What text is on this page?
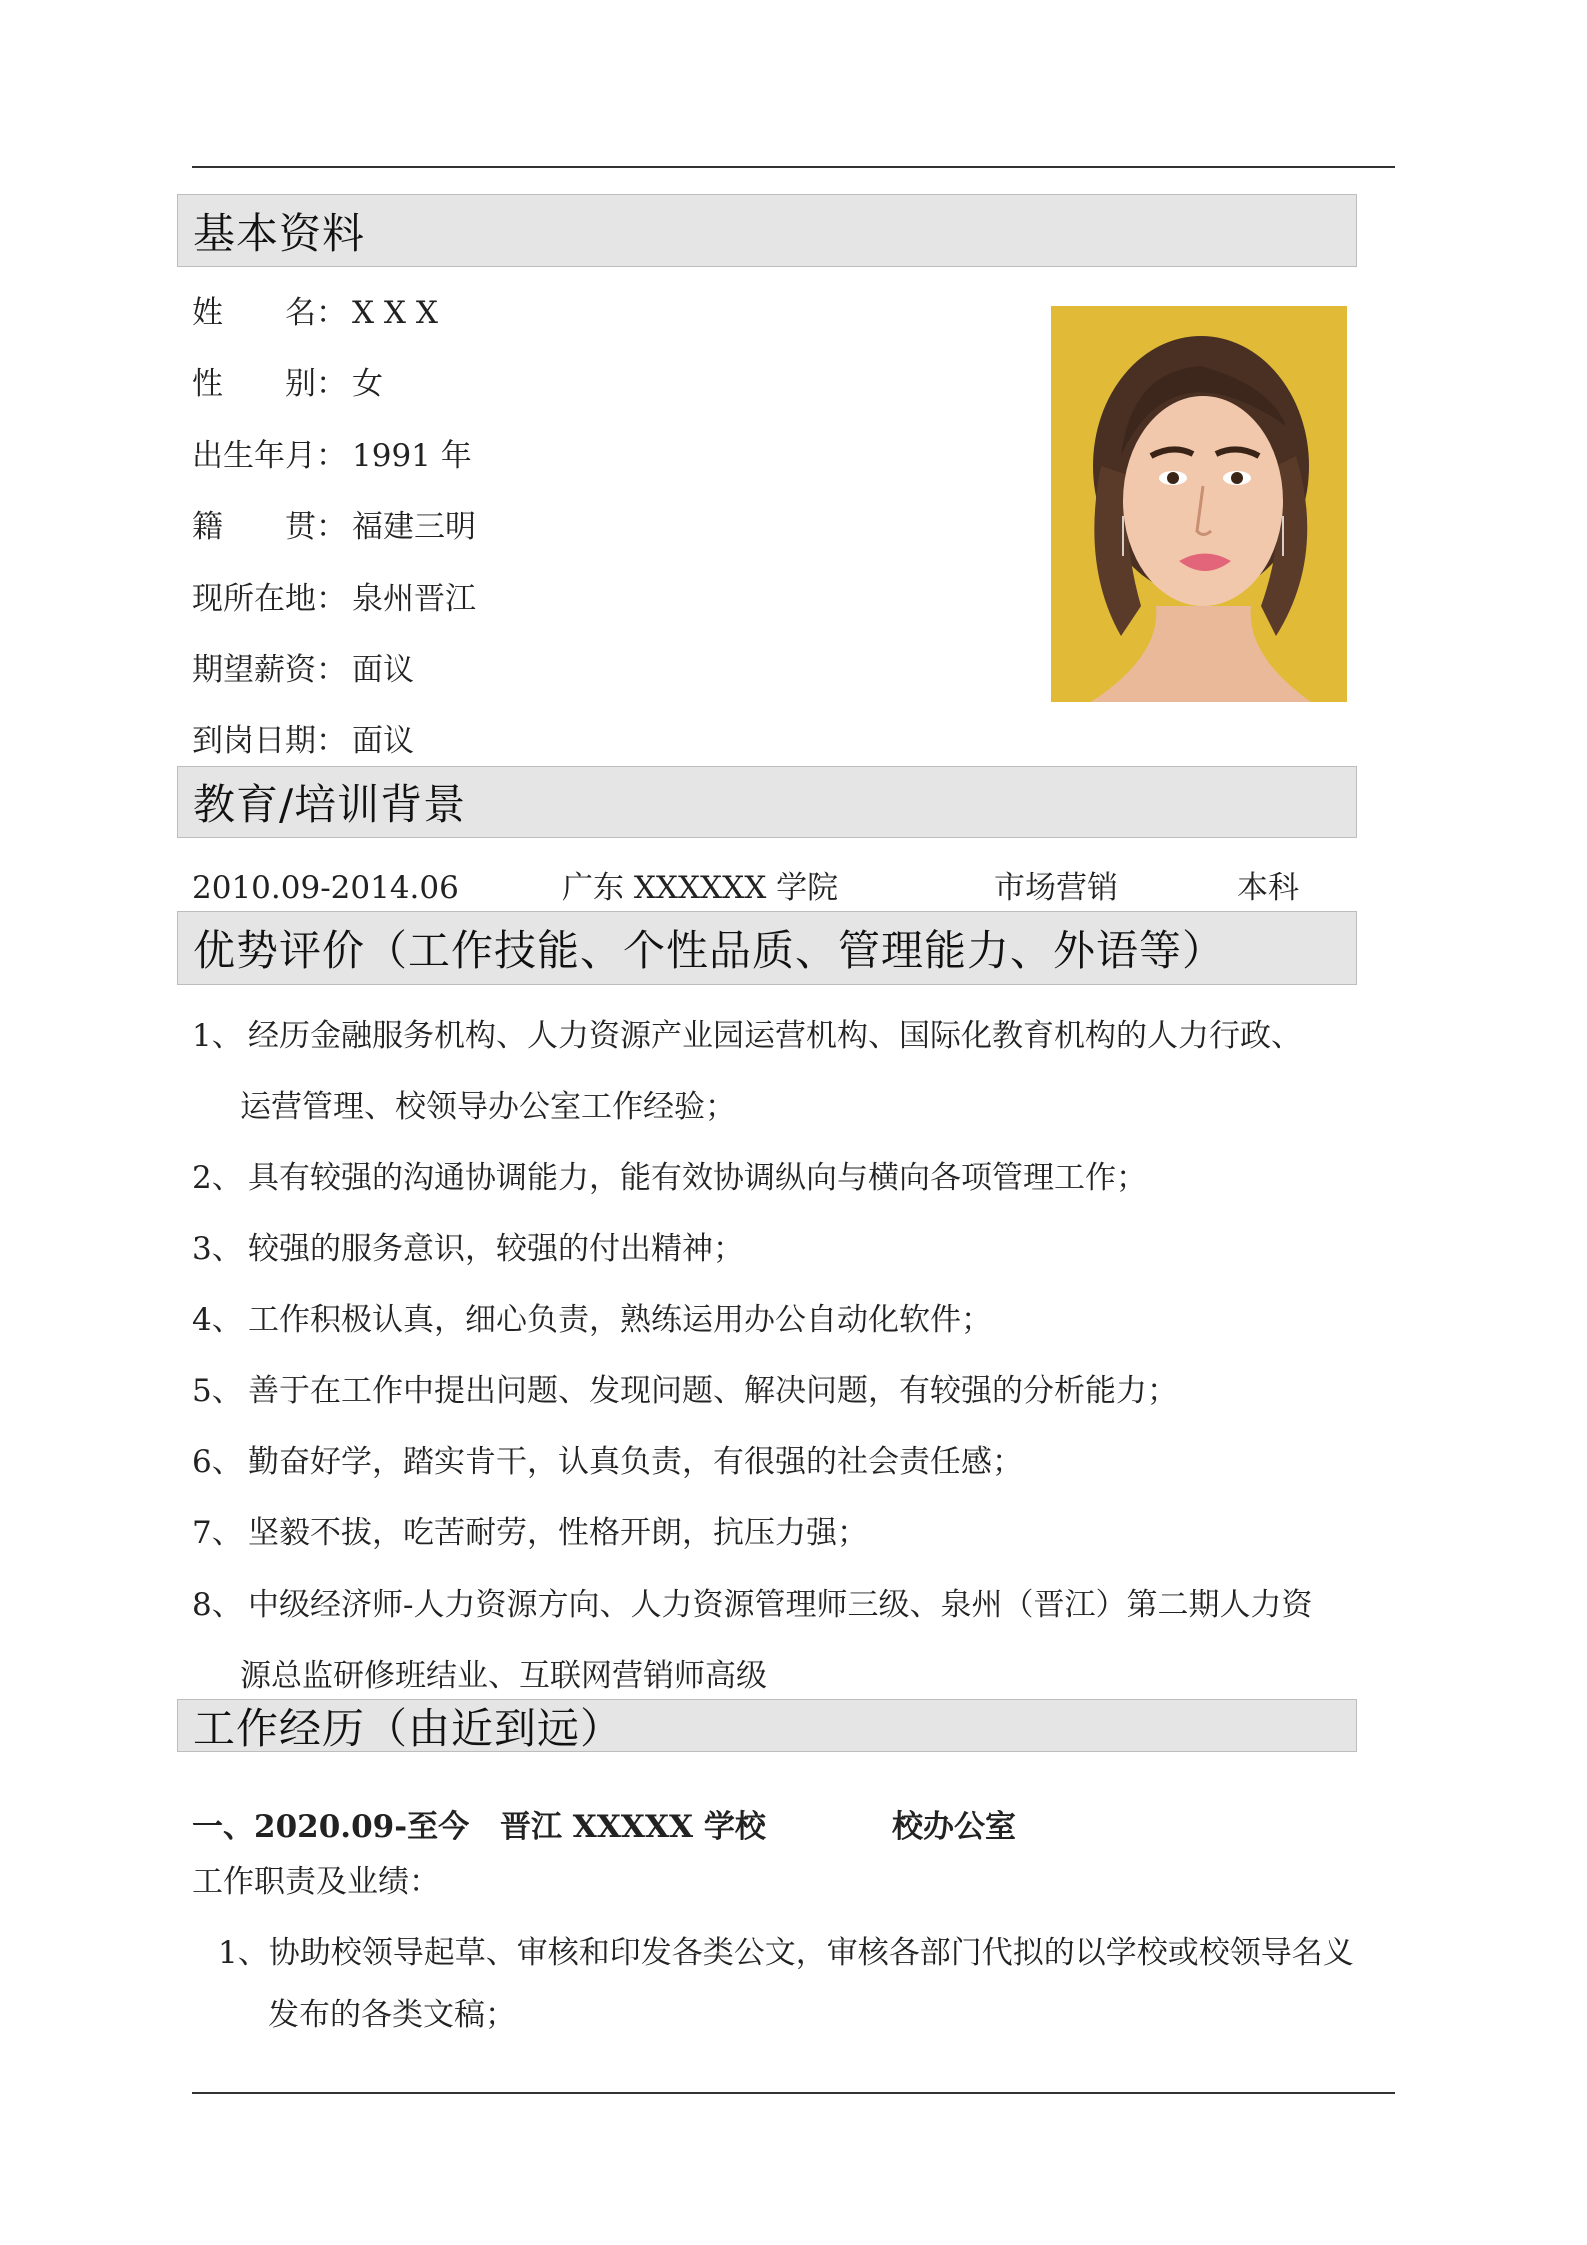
基本资料
姓　　名： X X X
性　　别： 女
出生年月： 1991 年
籍　　贯： 福建三明
现所在地： 泉州晋江
期望薪资： 面议
到岗日期： 面议
教育/培训背景
2010.09-2014.06	广东 XXXXXX 学院	市场营销	本科
优势评价（工作技能、个性品质、管理能力、外语等）
1、 经历金融服务机构、人力资源产业园运营机构、国际化教育机构的人力行政、
运营管理、校领导办公室工作经验；
2、 具有较强的沟通协调能力，能有效协调纵向与横向各项管理工作；
3、 较强的服务意识，较强的付出精神；
4、 工作积极认真，细心负责，熟练运用办公自动化软件；
5、 善于在工作中提出问题、发现问题、解决问题，有较强的分析能力；
6、 勤奋好学，踏实肯干，认真负责，有很强的社会责任感；
7、 坚毅不拔，吃苦耐劳，性格开朗，抗压力强；
8、 中级经济师-人力资源方向、人力资源管理师三级、泉州（晋江）第二期人力资
源总监研修班结业、互联网营销师高级
工作经历（由近到远）
一、2020.09-至今 晋江 XXXXX 学校	校办公室
工作职责及业绩：
1、协助校领导起草、审核和印发各类公文，审核各部门代拟的以学校或校领导名义
发布的各类文稿；
